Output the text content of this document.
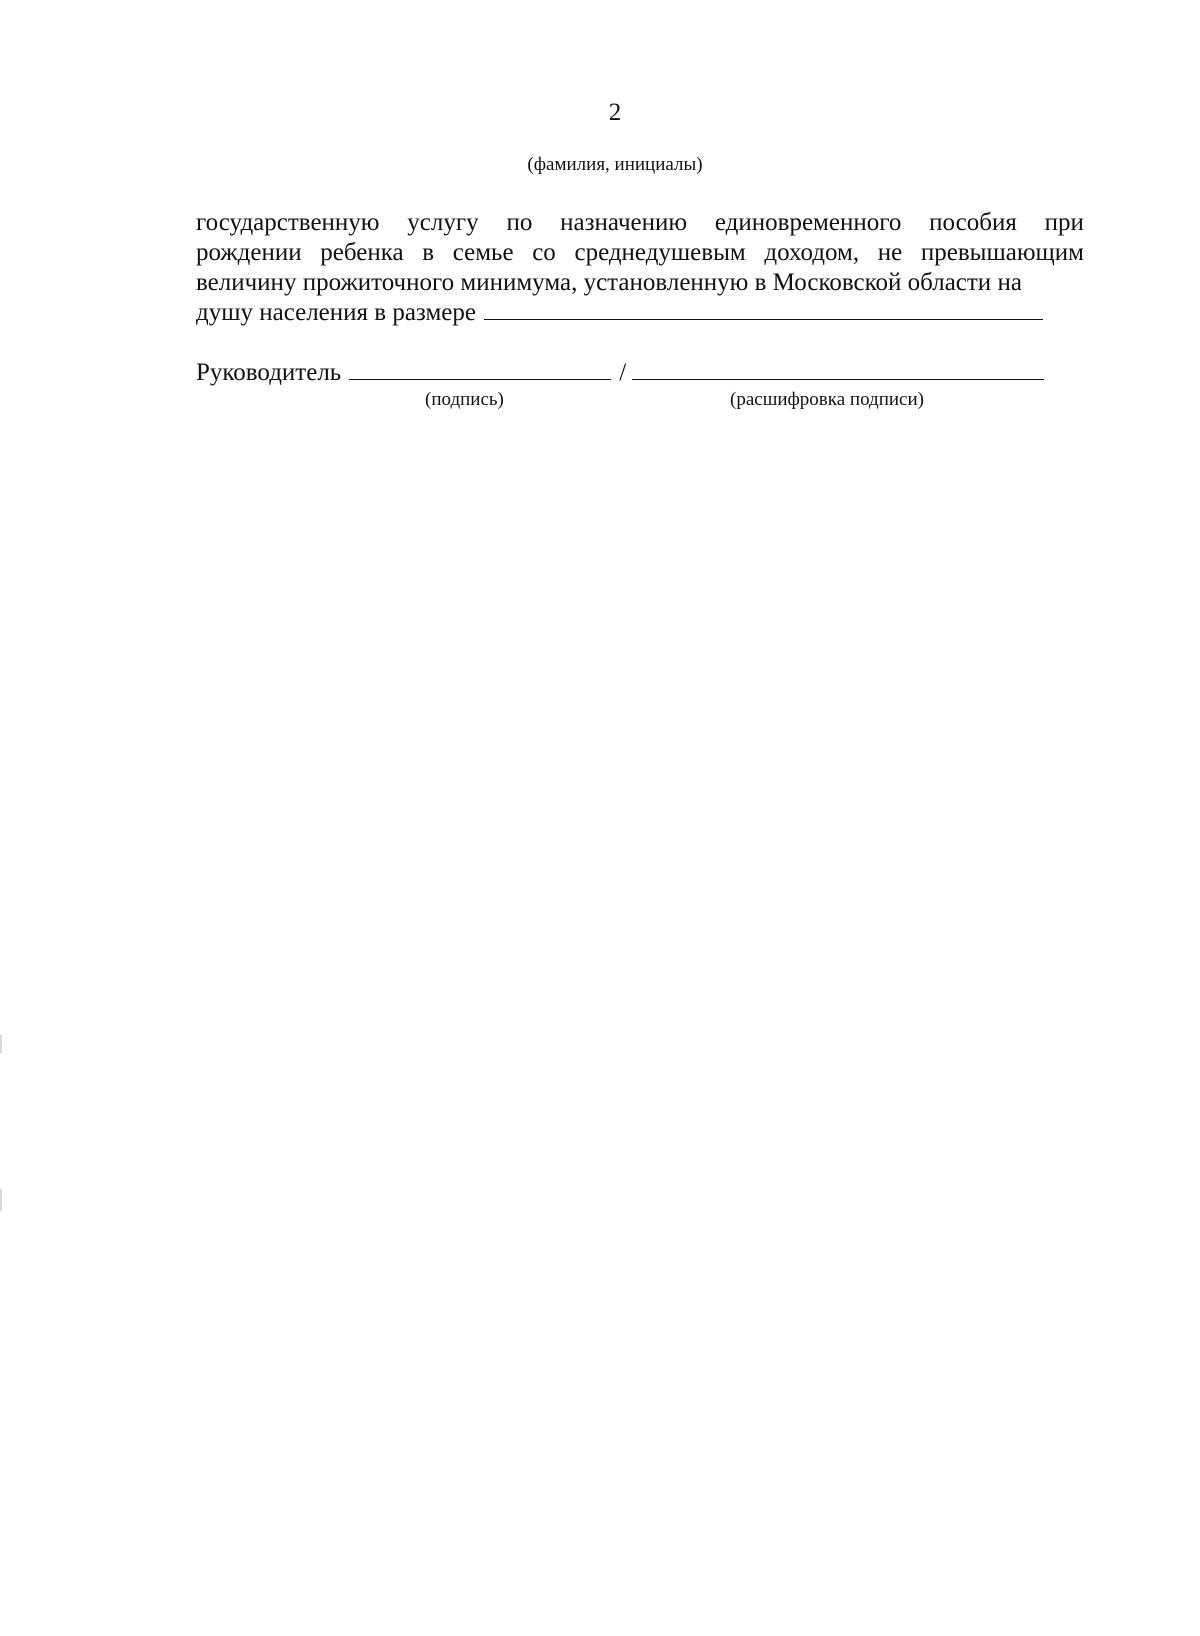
2
(фамилия, инициалы)
государственную услугу по назначению единовременного пособия при
рождении ребенка в семье со среднедушевым доходом, не превышающим
величину прожиточного минимума, установленную в Московской области на
душу населения в размере
Руководитель	/
(подпись)	(расшифровка подписи)
